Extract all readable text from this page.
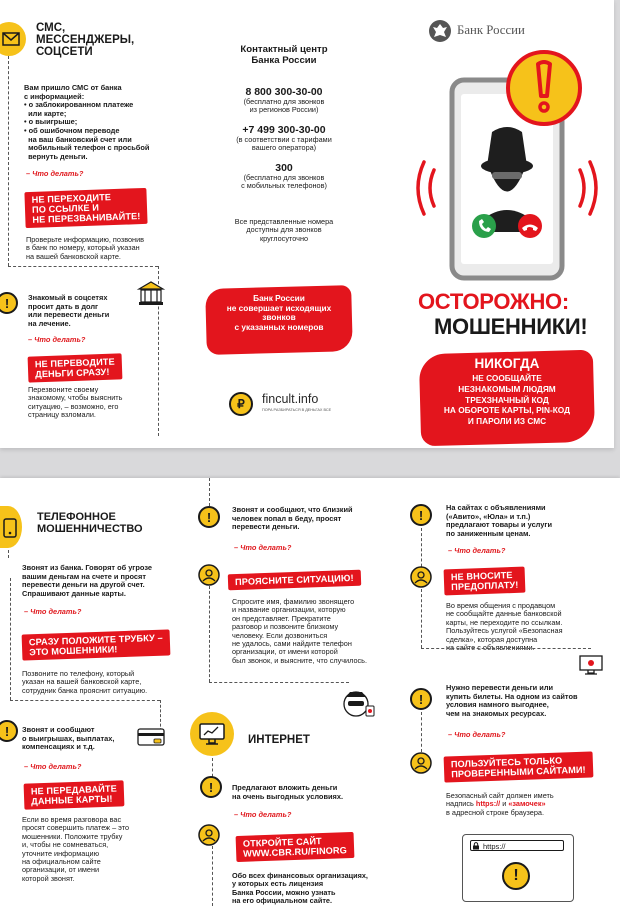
СМС,
МЕССЕНДЖЕРЫ,
СОЦСЕТИ
Вам пришло СМС от банка
с информацией:
• о заблокированном платеже
или карте;
• о выигрыше;
• об ошибочном переводе
на ваш банковский счет или
мобильный телефон с просьбой
вернуть деньги.
– Что делать?
НЕ ПЕРЕХОДИТЕ
ПО ССЫЛКЕ И
НЕ ПЕРЕЗВАНИВАЙТЕ!
Проверьте информацию, позвонив
в банк по номеру, который указан
на вашей банковской карте.
!	Знакомый в соцсетях
просит дать в долг
или перевести деньги
на лечение.
– Что делать?
НЕ ПЕРЕВОДИТЕ
ДЕНЬГИ СРАЗУ!
Перезвоните своему
знакомому, чтобы выяснить
ситуацию, – возможно, его
страницу взломали.
Контактный центр
Банка России
8 800 300-30-00
(бесплатно для звонков
из регионов России)
+7 499 300-30-00
(в соответствии с тарифами
вашего оператора)
300
(бесплатно для звонков
с мобильных телефонов)
Все представленные номера
доступны для звонков
круглосуточно
Банк России
не совершает исходящих
звонков
с указанных номеров
₽	fincult.info
ПОРА РАЗБИРАТЬСЯ В ДЕНЬГАХ ВСЕ
Банк России
ОСТОРОЖНО:
МОШЕННИКИ!
НИКОГДА
НЕ СООБЩАЙТЕ
НЕЗНАКОМЫМ ЛЮДЯМ
ТРЕХЗНАЧНЫЙ КОД
НА ОБОРОТЕ КАРТЫ, PIN-КОД
И ПАРОЛИ ИЗ СМС
ТЕЛЕФОННОЕ
МОШЕННИЧЕСТВО
Звонят из банка. Говорят об угрозе
вашим деньгам на счете и просят
перевести деньги на другой счет.
Спрашивают данные карты.
– Что делать?
СРАЗУ ПОЛОЖИТЕ ТРУБКУ –
ЭТО МОШЕННИКИ!
Позвоните по телефону, который
указан на вашей банковской карте,
сотрудник банка прояснит ситуацию.
!	Звонят и сообщают
о выигрышах, выплатах,
компенсациях и т.д.
– Что делать?
НЕ ПЕРЕДАВАЙТЕ
ДАННЫЕ КАРТЫ!
Если во время разговора вас
просят совершить платеж – это
мошенники. Положите трубку
и, чтобы не сомневаться,
уточните информацию
на официальном сайте
организации, от имени
которой звонят.
!	Звонят и сообщают, что близкий
человек попал в беду, просят
перевести деньги.
– Что делать?
ПРОЯСНИТЕ СИТУАЦИЮ!
Спросите имя, фамилию звонящего
и название организации, которую
он представляет. Прекратите
разговор и позвоните близкому
человеку. Если дозвониться
не удалось, сами найдите телефон
организации, от имени которой
был звонок, и выясните, что случилось.
ИНТЕРНЕТ
!	Предлагают вложить деньги
на очень выгодных условиях.
– Что делать?
ОТКРОЙТЕ САЙТ
WWW.CBR.RU/FINORG
Обо всех финансовых организациях,
у которых есть лицензия
Банка России, можно узнать
на его официальном сайте.
!	На сайтах с объявлениями
(«Авито», «Юла» и т.п.)
предлагают товары и услуги
по заниженным ценам.
– Что делать?
НЕ ВНОСИТЕ
ПРЕДОПЛАТУ!
Во время общения с продавцом
не сообщайте данные банковской
карты, не переходите по ссылкам.
Пользуйтесь услугой «Безопасная
сделка», которая доступна
на сайте с объявлениями.
!
Нужно перевести деньги или
купить билеты. На одном из сайтов
условия намного выгоднее,
чем на знакомых ресурсах.
– Что делать?
ПОЛЬЗУЙТЕСЬ ТОЛЬКО
ПРОВЕРЕННЫМИ САЙТАМИ!
Безопасный сайт должен иметь
надпись https:// и «замочек»
в адресной строке браузера.
https://
!
